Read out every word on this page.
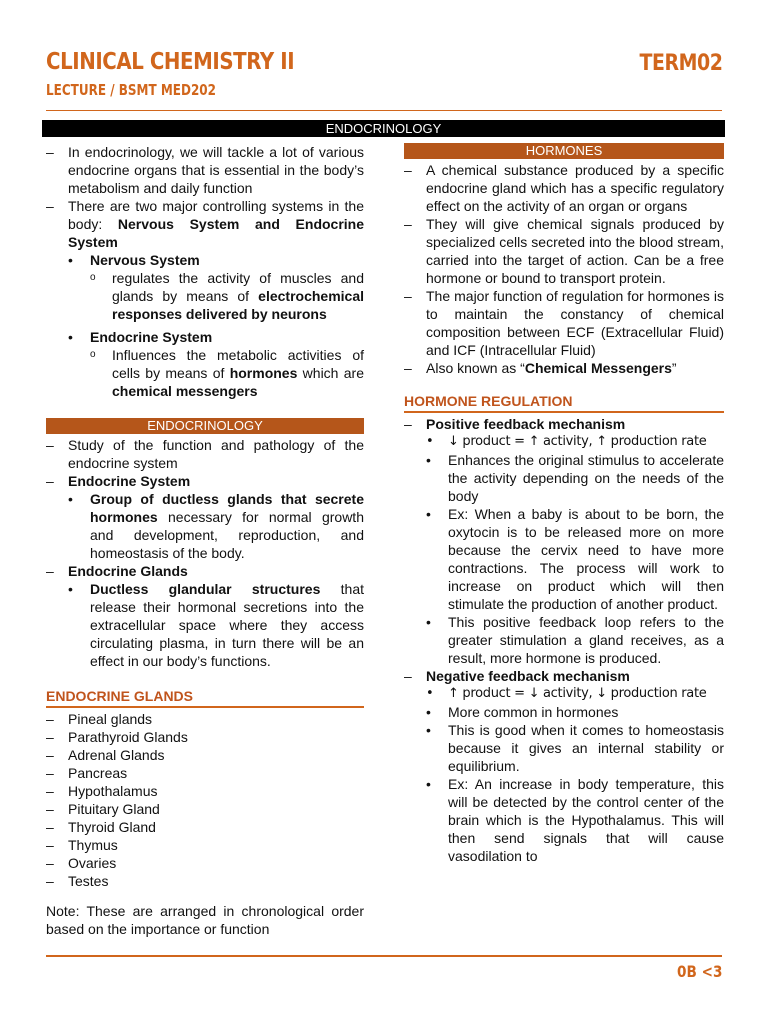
CLINICAL CHEMISTRY II
LECTURE / BSMT MED202
TERM02
ENDOCRINOLOGY
– In endocrinology, we will tackle a lot of various endocrine organs that is essential in the body’s metabolism and daily function
– There are two major controlling systems in the body: Nervous System and Endocrine System
• Nervous System
o regulates the activity of muscles and glands by means of electrochemical responses delivered by neurons
• Endocrine System
o Influences the metabolic activities of cells by means of hormones which are chemical messengers
ENDOCRINOLOGY
– Study of the function and pathology of the endocrine system
– Endocrine System
• Group of ductless glands that secrete hormones necessary for normal growth and development, reproduction, and homeostasis of the body.
– Endocrine Glands
• Ductless glandular structures that release their hormonal secretions into the extracellular space where they access circulating plasma, in turn there will be an effect in our body’s functions.
ENDOCRINE GLANDS
– Pineal glands
– Parathyroid Glands
– Adrenal Glands
– Pancreas
– Hypothalamus
– Pituitary Gland
– Thyroid Gland
– Thymus
– Ovaries
– Testes
Note: These are arranged in chronological order based on the importance or function
HORMONES
– A chemical substance produced by a specific endocrine gland which has a specific regulatory effect on the activity of an organ or organs
– They will give chemical signals produced by specialized cells secreted into the blood stream, carried into the target of action. Can be a free hormone or bound to transport protein.
– The major function of regulation for hormones is to maintain the constancy of chemical composition between ECF (Extracellular Fluid) and ICF (Intracellular Fluid)
– Also known as “Chemical Messengers”
HORMONE REGULATION
– Positive feedback mechanism
• ↓ product = ↑ activity, ↑ production rate
• Enhances the original stimulus to accelerate the activity depending on the needs of the body
• Ex: When a baby is about to be born, the oxytocin is to be released more on more because the cervix need to have more contractions. The process will work to increase on product which will then stimulate the production of another product.
• This positive feedback loop refers to the greater stimulation a gland receives, as a result, more hormone is produced.
– Negative feedback mechanism
• ↑ product = ↓ activity, ↓ production rate
• More common in hormones
• This is good when it comes to homeostasis because it gives an internal stability or equilibrium.
• Ex: An increase in body temperature, this will be detected by the control center of the brain which is the Hypothalamus. This will then send signals that will cause vasodilation to
0B <3
